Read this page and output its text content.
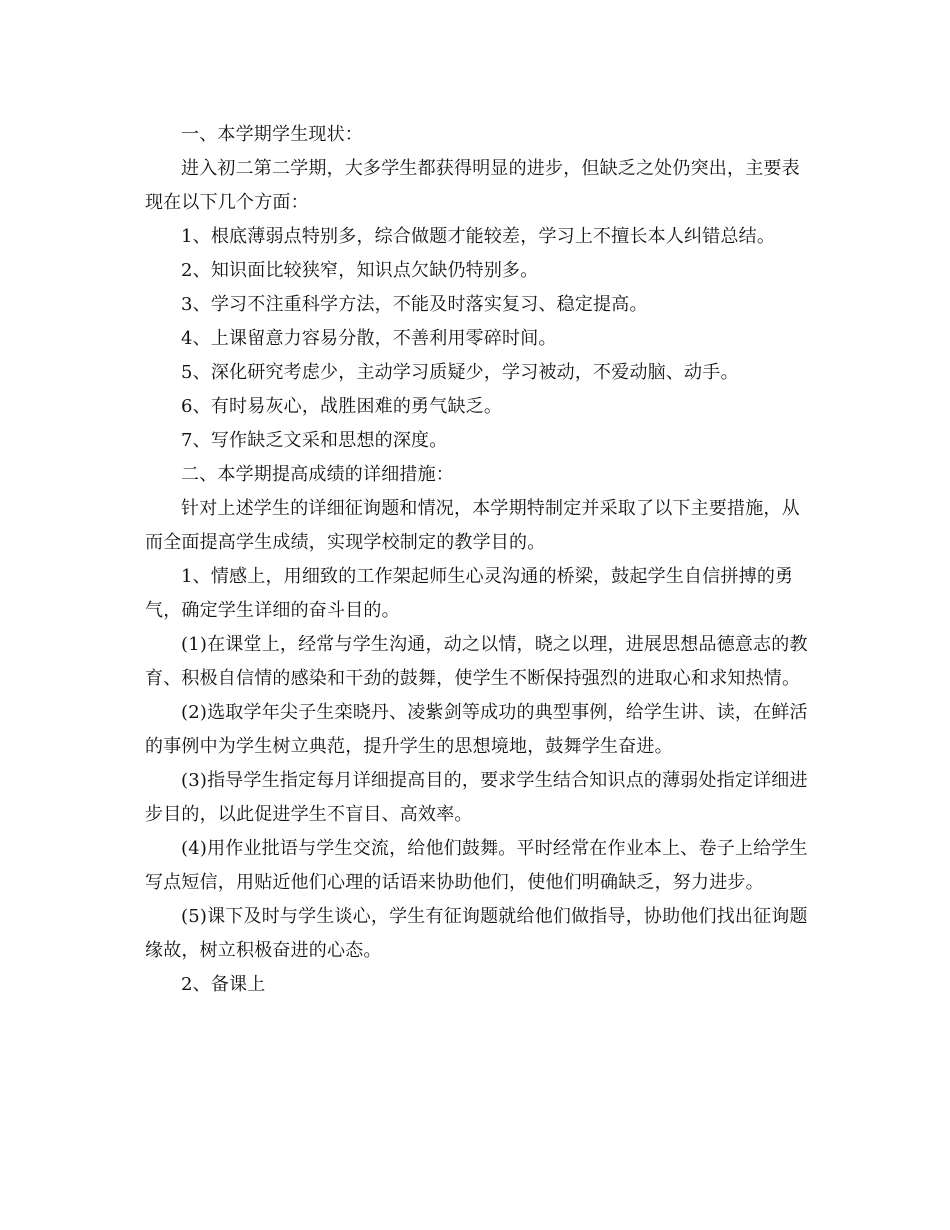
一、本学期学生现状：

进入初二第二学期，大多学生都获得明显的进步，但缺乏之处仍突出，主要表现在以下几个方面：

1、根底薄弱点特别多，综合做题才能较差，学习上不擅长本人纠错总结。

2、知识面比较狭窄，知识点欠缺仍特别多。

3、学习不注重科学方法，不能及时落实复习、稳定提高。

4、上课留意力容易分散，不善利用零碎时间。

5、深化研究考虑少，主动学习质疑少，学习被动，不爱动脑、动手。

6、有时易灰心，战胜困难的勇气缺乏。

7、写作缺乏文采和思想的深度。

二、本学期提高成绩的详细措施：

针对上述学生的详细征询题和情况，本学期特制定并采取了以下主要措施，从而全面提高学生成绩，实现学校制定的教学目的。

1、情感上，用细致的工作架起师生心灵沟通的桥梁，鼓起学生自信拼搏的勇气，确定学生详细的奋斗目的。

(1)在课堂上，经常与学生沟通，动之以情，晓之以理，进展思想品德意志的教育、积极自信情的感染和干劲的鼓舞，使学生不断保持强烈的进取心和求知热情。

(2)选取学年尖子生栾晓丹、凌紫剑等成功的典型事例，给学生讲、读，在鲜活的事例中为学生树立典范，提升学生的思想境地，鼓舞学生奋进。

(3)指导学生指定每月详细提高目的，要求学生结合知识点的薄弱处指定详细进步目的，以此促进学生不盲目、高效率。

(4)用作业批语与学生交流，给他们鼓舞。平时经常在作业本上、卷子上给学生写点短信，用贴近他们心理的话语来协助他们，使他们明确缺乏，努力进步。

(5)课下及时与学生谈心，学生有征询题就给他们做指导，协助他们找出征询题缘故，树立积极奋进的心态。

2、备课上
